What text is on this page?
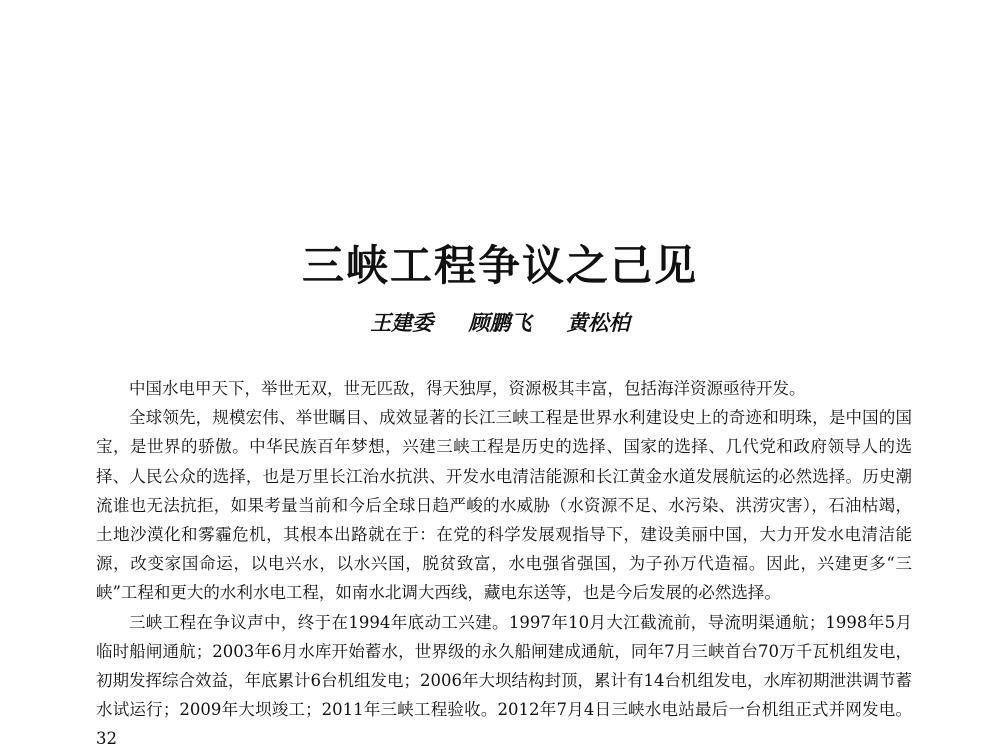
三峡工程争议之己见
王建委 顾鹏飞 黄松柏

中国水电甲天下，举世无双，世无匹敌，得天独厚，资源极其丰富，包括海洋资源亟待开发。

全球领先，规模宏伟、举世瞩目、成效显著的长江三峡工程是世界水利建设史上的奇迹和明珠，是中国的国宝，是世界的骄傲。中华民族百年梦想，兴建三峡工程是历史的选择、国家的选择、几代党和政府领导人的选择、人民公众的选择，也是万里长江治水抗洪、开发水电清洁能源和长江黄金水道发展航运的必然选择。历史潮流谁也无法抗拒，如果考量当前和今后全球日趋严峻的水威胁（水资源不足、水污染、洪涝灾害），石油枯竭，土地沙漠化和雾霾危机，其根本出路就在于：在党的科学发展观指导下，建设美丽中国，大力开发水电清洁能源，改变家国命运，以电兴水，以水兴国，脱贫致富，水电强省强国，为子孙万代造福。因此，兴建更多“三峡”工程和更大的水利水电工程，如南水北调大西线，藏电东送等，也是今后发展的必然选择。

三峡工程在争议声中，终于在1994年底动工兴建。1997年10月大江截流前，导流明渠通航；1998年5月临时船闸通航；2003年6月水库开始蓄水，世界级的永久船闸建成通航，同年7月三峡首台70万千瓦机组发电，初期发挥综合效益，年底累计6台机组发电；2006年大坝结构封顶，累计有14台机组发电，水库初期泄洪调节蓄水试运行；2009年大坝竣工；2011年三峡工程验收。2012年7月4日三峡水电站最后一台机组正式并网发电。32
